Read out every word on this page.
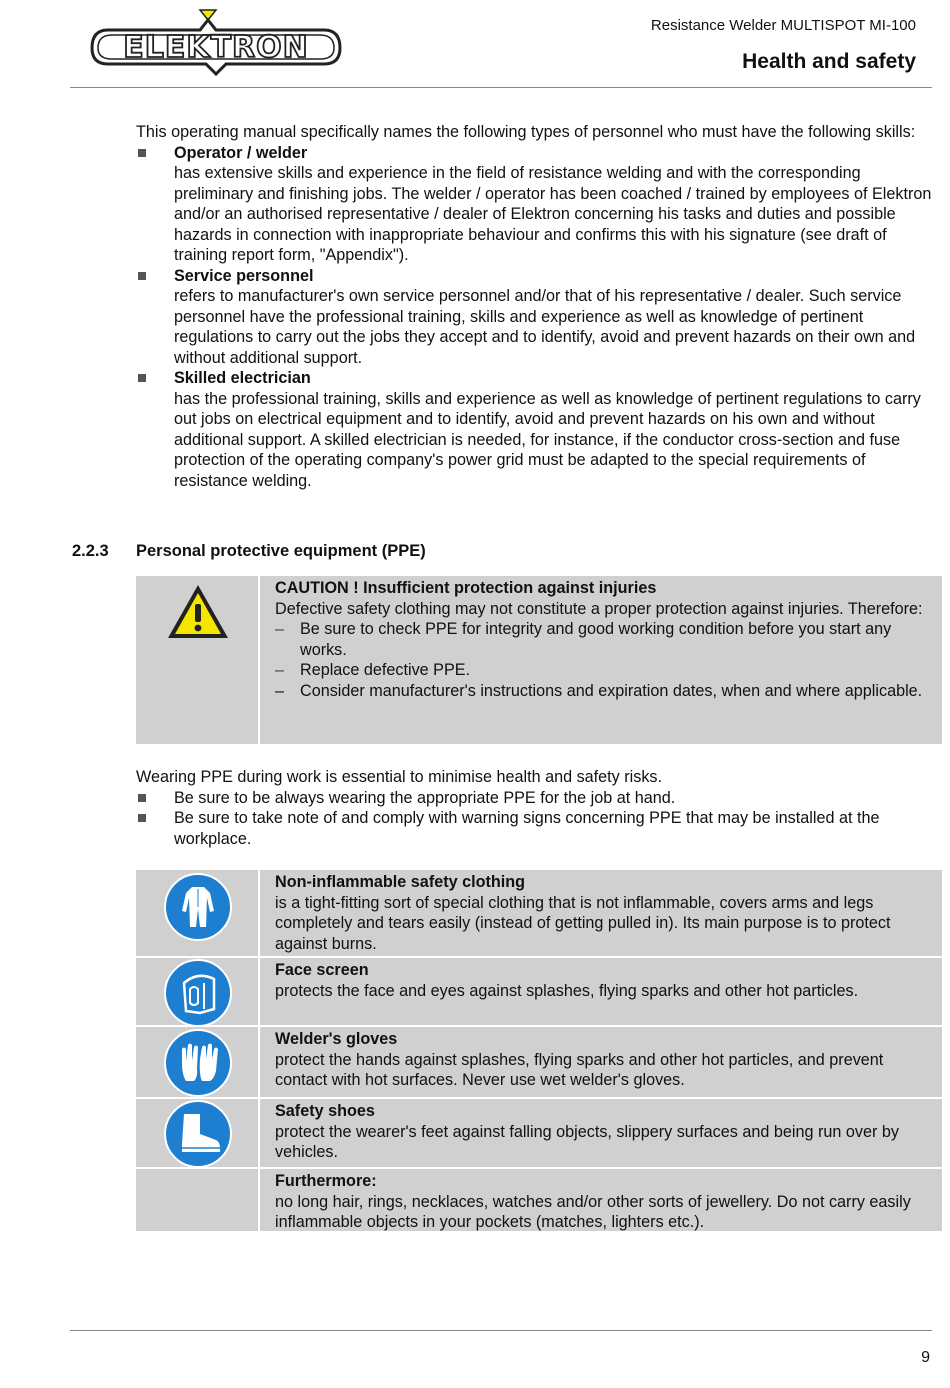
ELEKTRON
Resistance Welder MULTISPOT MI-100
Health and safety

This operating manual specifically names the following types of personnel who must have the following skills:

Operator / welder
has extensive skills and experience in the field of resistance welding and with the corresponding preliminary and finishing jobs. The welder / operator has been coached / trained by employees of Elektron and/or an authorised representative / dealer of Elektron concerning his tasks and duties and possible hazards in connection with inappropriate behaviour and confirms this with his signature (see draft of training report form, "Appendix").
Service personnel
refers to manufacturer's own service personnel and/or that of his representative / dealer. Such service personnel have the professional training, skills and experience as well as knowledge of pertinent regulations to carry out the jobs they accept and to identify, avoid and prevent hazards on their own and without additional support.
Skilled electrician
has the professional training, skills and experience as well as knowledge of pertinent regulations to carry out jobs on electrical equipment and to identify, avoid and prevent hazards on his own and without additional support. A skilled electrician is needed, for instance, if the conductor cross-section and fuse protection of the operating company's power grid must be adapted to the special requirements of resistance welding.
2.2.3 Personal protective equipment (PPE)
CAUTION ! Insufficient protection against injuries
Defective safety clothing may not constitute a proper protection against injuries. Therefore:
– Be sure to check PPE for integrity and good working condition before you start any works.
– Replace defective PPE.
– Consider manufacturer's instructions and expiration dates, when and where applicable.

Wearing PPE during work is essential to minimise health and safety risks.

Be sure to be always wearing the appropriate PPE for the job at hand.
Be sure to take note of and comply with warning signs concerning PPE that may be installed at the workplace.
Non-inflammable safety clothing
is a tight-fitting sort of special clothing that is not inflammable, covers arms and legs completely and tears easily (instead of getting pulled in). Its main purpose is to protect against burns.
Face screen
protects the face and eyes against splashes, flying sparks and other hot particles.
Welder's gloves
protect the hands against splashes, flying sparks and other hot particles, and prevent contact with hot surfaces. Never use wet welder's gloves.
Safety shoes
protect the wearer's feet against falling objects, slippery surfaces and being run over by vehicles.
Furthermore:
no long hair, rings, necklaces, watches and/or other sorts of jewellery. Do not carry easily inflammable objects in your pockets (matches, lighters etc.).
9
